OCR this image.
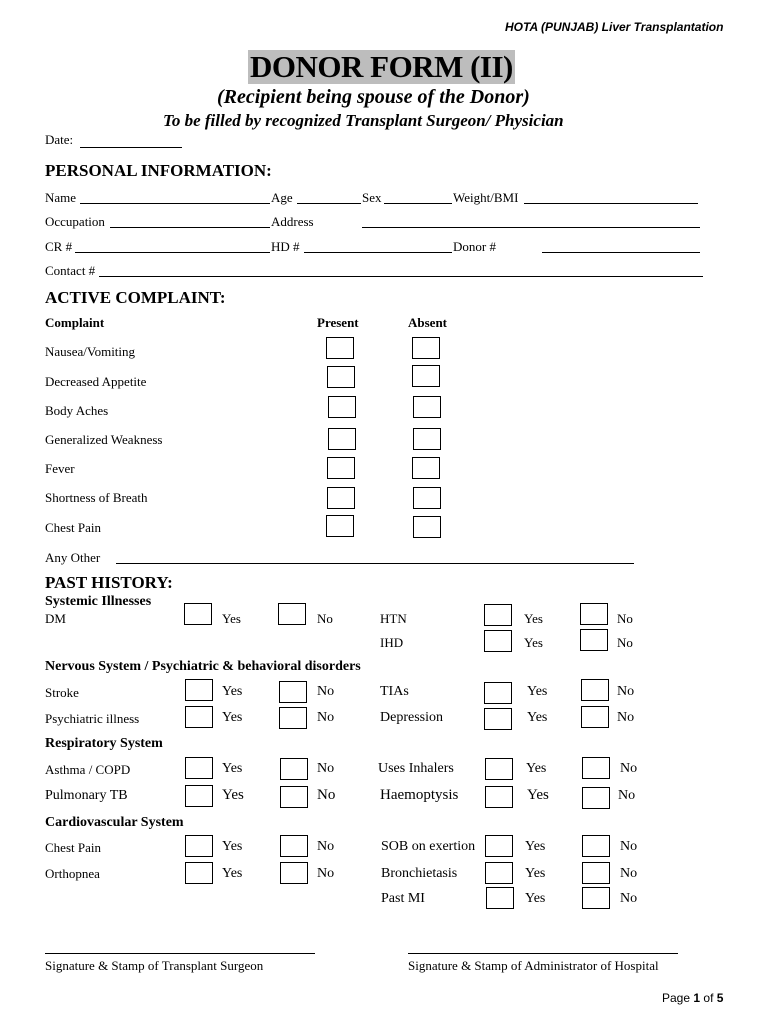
HOTA (PUNJAB) Liver Transplantation
DONOR FORM (II)
(Recipient being spouse of the Donor)
To be filled by recognized Transplant Surgeon/ Physician
Date:
PERSONAL INFORMATION:
Name	Age	Sex	Weight/BMI
Occupation	Address
CR #	HD #	Donor #
Contact #
ACTIVE COMPLAINT:
Complaint	Present	Absent
Nausea/Vomiting
Decreased Appetite
Body Aches
Generalized Weakness
Fever
Shortness of Breath
Chest Pain
Any Other
PAST HISTORY:
Systemic Illnesses
DM	Yes	No	HTN	Yes	No
IHD	Yes	No
Nervous System / Psychiatric & behavioral disorders
Stroke	Yes	No	TIAs	Yes	No
Psychiatric illness	Yes	No	Depression	Yes	No
Respiratory System
Asthma / COPD	Yes	No	Uses Inhalers	Yes	No
Pulmonary TB	Yes	No	Haemoptysis	Yes	No
Cardiovascular System
Chest Pain	Yes	No	SOB on exertion	Yes	No
Orthopnea	Yes	No	Bronchietasis	Yes	No
Past MI	Yes	No
Signature & Stamp of Transplant Surgeon	Signature & Stamp of Administrator of Hospital
Page 1 of 5
